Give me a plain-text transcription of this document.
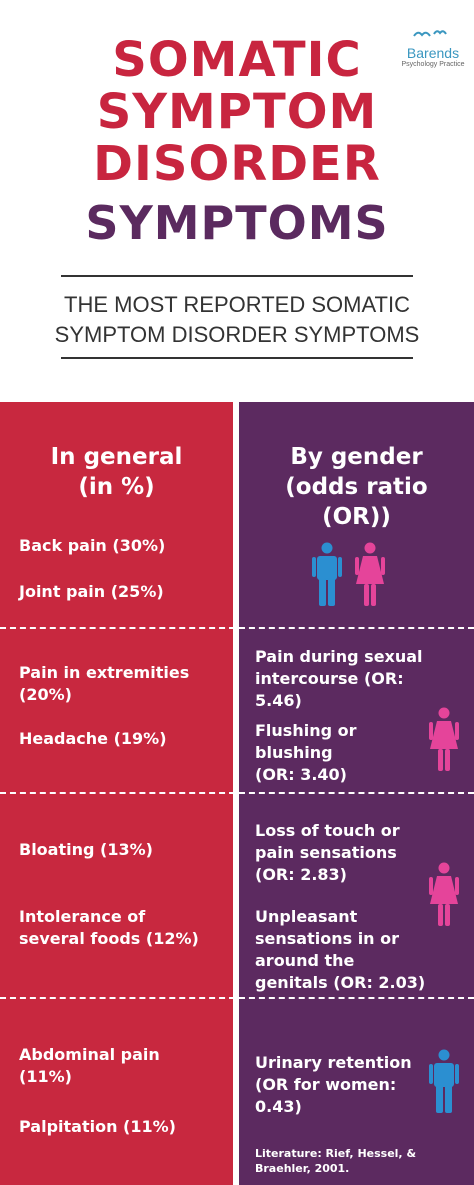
SOMATIC
SYMPTOM
DISORDER
SYMPTOMS
Barends
Psychology Practice
THE MOST REPORTED SOMATIC
SYMPTOM DISORDER SYMPTOMS
In general
(in %)
By gender
(odds ratio
(OR))
Back pain (30%)
Joint pain (25%)
Pain in extremities
(20%)
Headache (19%)
Bloating (13%)
Intolerance of
several foods (12%)
Abdominal pain
(11%)
Palpitation (11%)
Pain during sexual
intercourse (OR:
5.46)
Flushing or
blushing
(OR: 3.40)
Loss of touch or
pain sensations
(OR: 2.83)
Unpleasant
sensations in or
around the
genitals (OR: 2.03)
Urinary retention
(OR for women:
0.43)
Literature: Rief, Hessel, &
Braehler, 2001.
